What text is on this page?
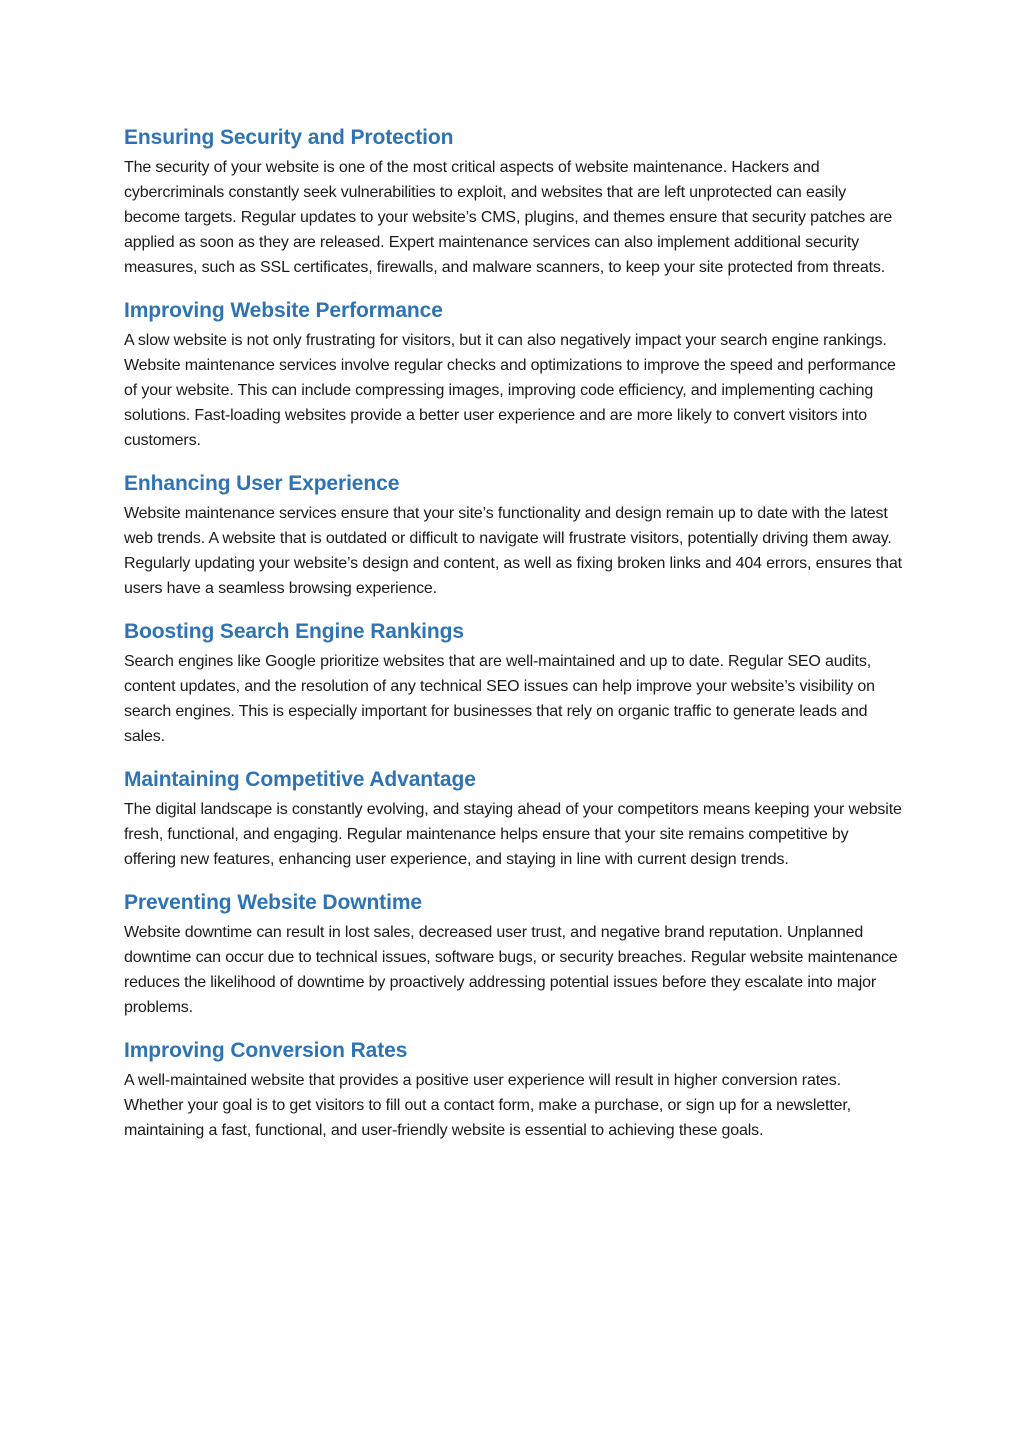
Ensuring Security and Protection

The security of your website is one of the most critical aspects of website maintenance. Hackers and cybercriminals constantly seek vulnerabilities to exploit, and websites that are left unprotected can easily become targets. Regular updates to your website’s CMS, plugins, and themes ensure that security patches are applied as soon as they are released. Expert maintenance services can also implement additional security measures, such as SSL certificates, firewalls, and malware scanners, to keep your site protected from threats.

Improving Website Performance

A slow website is not only frustrating for visitors, but it can also negatively impact your search engine rankings. Website maintenance services involve regular checks and optimizations to improve the speed and performance of your website. This can include compressing images, improving code efficiency, and implementing caching solutions. Fast-loading websites provide a better user experience and are more likely to convert visitors into customers.

Enhancing User Experience

Website maintenance services ensure that your site’s functionality and design remain up to date with the latest web trends. A website that is outdated or difficult to navigate will frustrate visitors, potentially driving them away. Regularly updating your website’s design and content, as well as fixing broken links and 404 errors, ensures that users have a seamless browsing experience.

Boosting Search Engine Rankings

Search engines like Google prioritize websites that are well-maintained and up to date. Regular SEO audits, content updates, and the resolution of any technical SEO issues can help improve your website’s visibility on search engines. This is especially important for businesses that rely on organic traffic to generate leads and sales.

Maintaining Competitive Advantage

The digital landscape is constantly evolving, and staying ahead of your competitors means keeping your website fresh, functional, and engaging. Regular maintenance helps ensure that your site remains competitive by offering new features, enhancing user experience, and staying in line with current design trends.

Preventing Website Downtime

Website downtime can result in lost sales, decreased user trust, and negative brand reputation. Unplanned downtime can occur due to technical issues, software bugs, or security breaches. Regular website maintenance reduces the likelihood of downtime by proactively addressing potential issues before they escalate into major problems.

Improving Conversion Rates

A well-maintained website that provides a positive user experience will result in higher conversion rates. Whether your goal is to get visitors to fill out a contact form, make a purchase, or sign up for a newsletter, maintaining a fast, functional, and user-friendly website is essential to achieving these goals.
